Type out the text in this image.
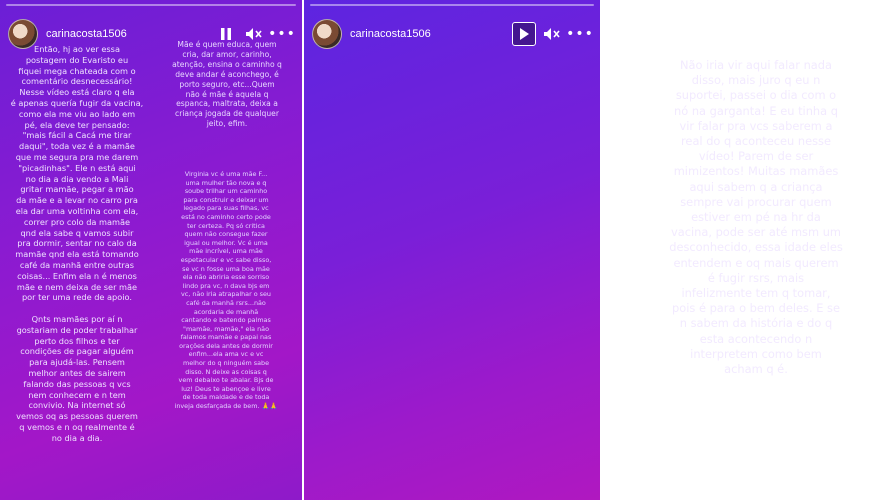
carinacosta1506	•••
Então, hj ao ver essa
postagem do Evaristo eu
fiquei mega chateada com o
comentário desnecessário!
Nesse vídeo está claro q ela
é apenas quería fugir da vacina,
como ela me viu ao lado em
pé, ela deve ter pensado:
"mais fácil a Cacá me tirar
daqui", toda vez é a mamãe
que me segura pra me darem
"picadinhas". Ele n está aqui
no dia a dia vendo a Mali
gritar mamãe, pegar a mão
da mãe e a levar no carro pra
ela dar uma voltinha com ela,
correr pro colo da mamãe
qnd ela sabe q vamos subir
pra dormir, sentar no calo da
mamãe qnd ela está tomando
café da manhã entre outras
coisas... Enfim ela n é menos
mãe e nem deixa de ser mãe
por ter uma rede de apoio.

Qnts mamães por aí n
gostariam de poder trabalhar
perto dos filhos e ter
condições de pagar alguém
para ajudá-las. Pensem
melhor antes de sairem
falando das pessoas q vcs
nem conhecem e n tem
convivio. Na internet só
vemos oq as pessoas querem
q vemos e n oq realmente é
no dia a dia.
Mãe é quem educa, quem
cria, dar amor, carinho,
atenção, ensina o caminho q
deve andar é aconchego, é
porto seguro, etc...Quem
não é mãe é aquela q
espanca, maltrata, deixa a
criança jogada de qualquer
jeito, efim.
Virginia vc é uma mãe F...
uma mulher tão nova e q
soube trilhar um caminho
para construir e deixar um
legado para suas filhas, vc
está no caminho certo pode
ter certeza. Pq só critica
quem não consegue fazer
igual ou melhor. Vc é uma
mãe incrível, uma mãe
espetacular e vc sabe disso,
se vc n fosse uma boa mãe
ela não abriria esse sorriso
lindo pra vc, n dava bjs em
vc, não iria atrapalhar o seu
café da manhã rsrs...não
acordaria de manhã
cantando e batendo palmas
"mamãe, mamãe," ela não
falamos mamãe e papai nas
orações dela antes de dormir
enfim...ela ama vc e vc
melhor do q ninguém sabe
disso. N deixe as coisas q
vem debaixo te abalar. Bjs de
luz! Deus te abençoe e livre
de toda maldade e de toda
inveja desfarçada de bem. 🙏🙏
carinacosta1506	•••
Não iria vir aqui falar nada
disso, mais juro q eu n
suportei, passei o dia com o
nó na garganta! E eu tinha q
vir falar pra vcs saberem a
real do q aconteceu nesse
vídeo! Parem de ser
mimizentos! Muitas mamães
aqui sabem q a criança
sempre vai procurar quem
estiver em pé na hr da
vacina, pode ser até msm um
desconhecido, essa idade eles
entendem e oq mais querem
é fugir rsrs, mais
infelizmente tem q tomar,
pois é para o bem deles. E se
n sabem da história e do q
esta acontecendo n
interpretem como bem
acham q é.
